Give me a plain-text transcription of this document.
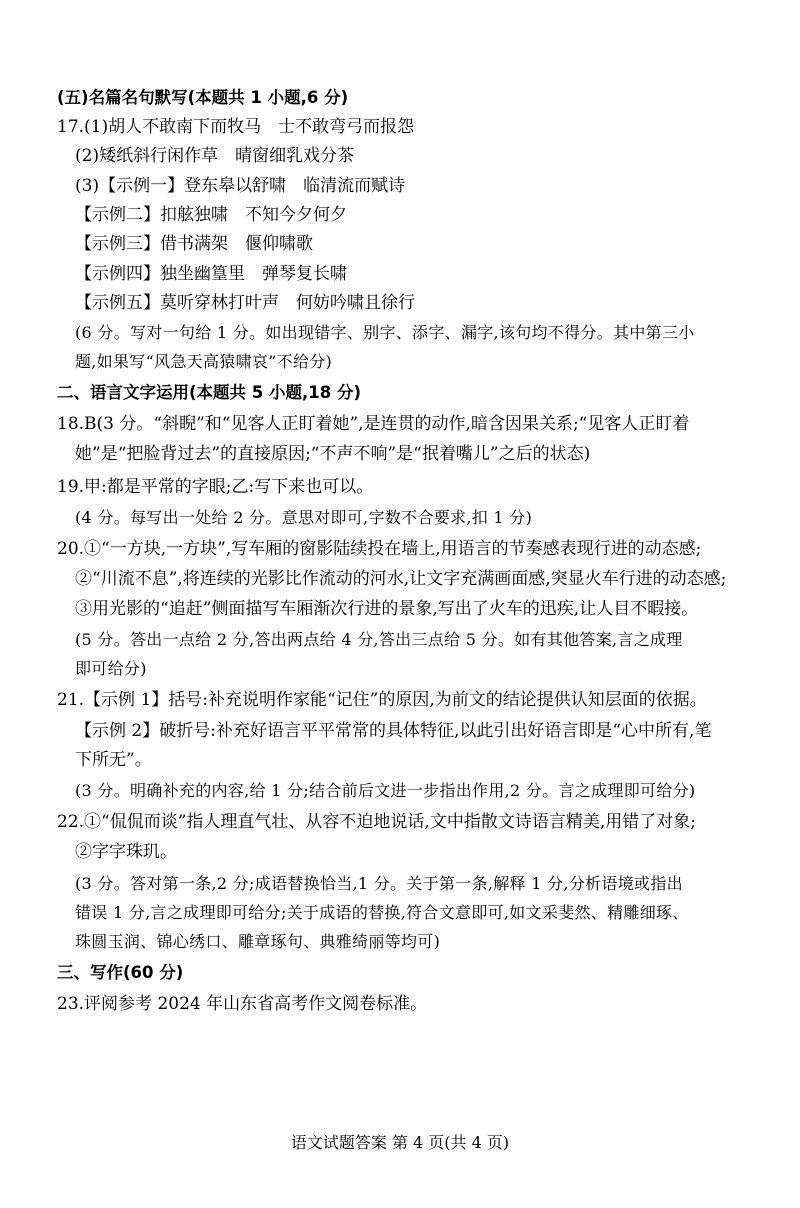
(五)名篇名句默写(本题共 1 小题,6 分)
17.(1)胡人不敢南下而牧马　士不敢弯弓而报怨
(2)矮纸斜行闲作草　晴窗细乳戏分茶
(3)【示例一】登东皋以舒啸　临清流而赋诗
【示例二】扣舷独啸　不知今夕何夕
【示例三】借书满架　偃仰啸歌
【示例四】独坐幽篁里　弹琴复长啸
【示例五】莫听穿林打叶声　何妨吟啸且徐行
(6 分。写对一句给 1 分。如出现错字、别字、添字、漏字,该句均不得分。其中第三小
题,如果写“风急天高猿啸哀”不给分)
二、语言文字运用(本题共 5 小题,18 分)
18.B(3 分。“斜睨”和“见客人正盯着她”,是连贯的动作,暗含因果关系;“见客人正盯着
她”是“把脸背过去”的直接原因;“不声不响”是“抿着嘴儿”之后的状态)
19.甲:都是平常的字眼;乙:写下来也可以。
(4 分。每写出一处给 2 分。意思对即可,字数不合要求,扣 1 分)
20.①“一方块,一方块”,写车厢的窗影陆续投在墙上,用语言的节奏感表现行进的动态感;
②“川流不息”,将连续的光影比作流动的河水,让文字充满画面感,突显火车行进的动态感;
③用光影的“追赶”侧面描写车厢渐次行进的景象,写出了火车的迅疾,让人目不暇接。
(5 分。答出一点给 2 分,答出两点给 4 分,答出三点给 5 分。如有其他答案,言之成理
即可给分)
21.【示例 1】括号:补充说明作家能“记住”的原因,为前文的结论提供认知层面的依据。
【示例 2】破折号:补充好语言平平常常的具体特征,以此引出好语言即是“心中所有,笔
下所无”。
(3 分。明确补充的内容,给 1 分;结合前后文进一步指出作用,2 分。言之成理即可给分)
22.①“侃侃而谈”指人理直气壮、从容不迫地说话,文中指散文诗语言精美,用错了对象;
②字字珠玑。
(3 分。答对第一条,2 分;成语替换恰当,1 分。关于第一条,解释 1 分,分析语境或指出
错误 1 分,言之成理即可给分;关于成语的替换,符合文意即可,如文采斐然、精雕细琢、
珠圆玉润、锦心绣口、雕章琢句、典雅绮丽等均可)
三、写作(60 分)
23.评阅参考 2024 年山东省高考作文阅卷标准。
语文试题答案 第 4 页(共 4 页)
